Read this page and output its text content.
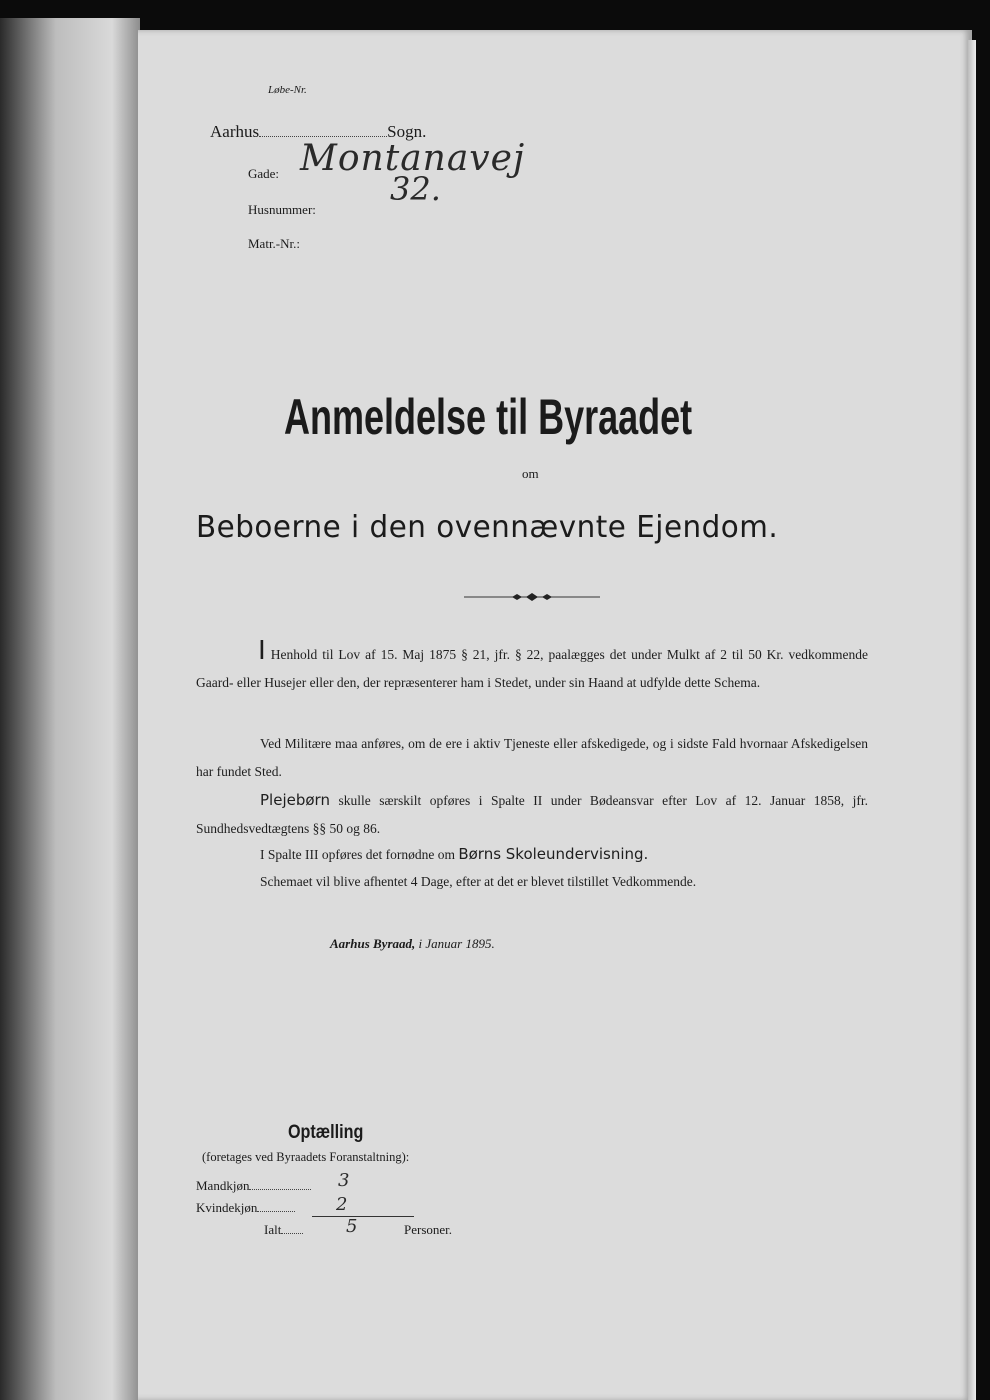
Løbe-Nr.
Aarhus	Sogn.
Gade: Montanavej
Husnummer:
32.
Matr.-Nr.:
Anmeldelse til Byraadet
om
Beboerne i den ovennævnte Ejendom.

I Henhold til Lov af 15. Maj 1875 § 21, jfr. § 22, paalægges det under Mulkt af 2 til 50 Kr. vedkommende Gaard- eller Husejer eller den, der repræsenterer ham i Stedet, under sin Haand at udfylde dette Schema.

Ved Militære maa anføres, om de ere i aktiv Tjeneste eller afskedigede, og i sidste Fald hvornaar Afskedigelsen har fundet Sted.

Plejebørn skulle særskilt opføres i Spalte II under Bødeansvar efter Lov af 12. Januar 1858, jfr. Sundhedsvedtægtens §§ 50 og 86.

I Spalte III opføres det fornødne om Børns Skoleundervisning.

Schemaet vil blive afhentet 4 Dage, efter at det er blevet tilstillet Vedkommende.

Aarhus Byraad, i Januar 1895.
Optælling
(foretages ved Byraadets Foranstaltning):
Mandkjøn	3
Kvindekjøn	2
Ialt	5	Personer.
